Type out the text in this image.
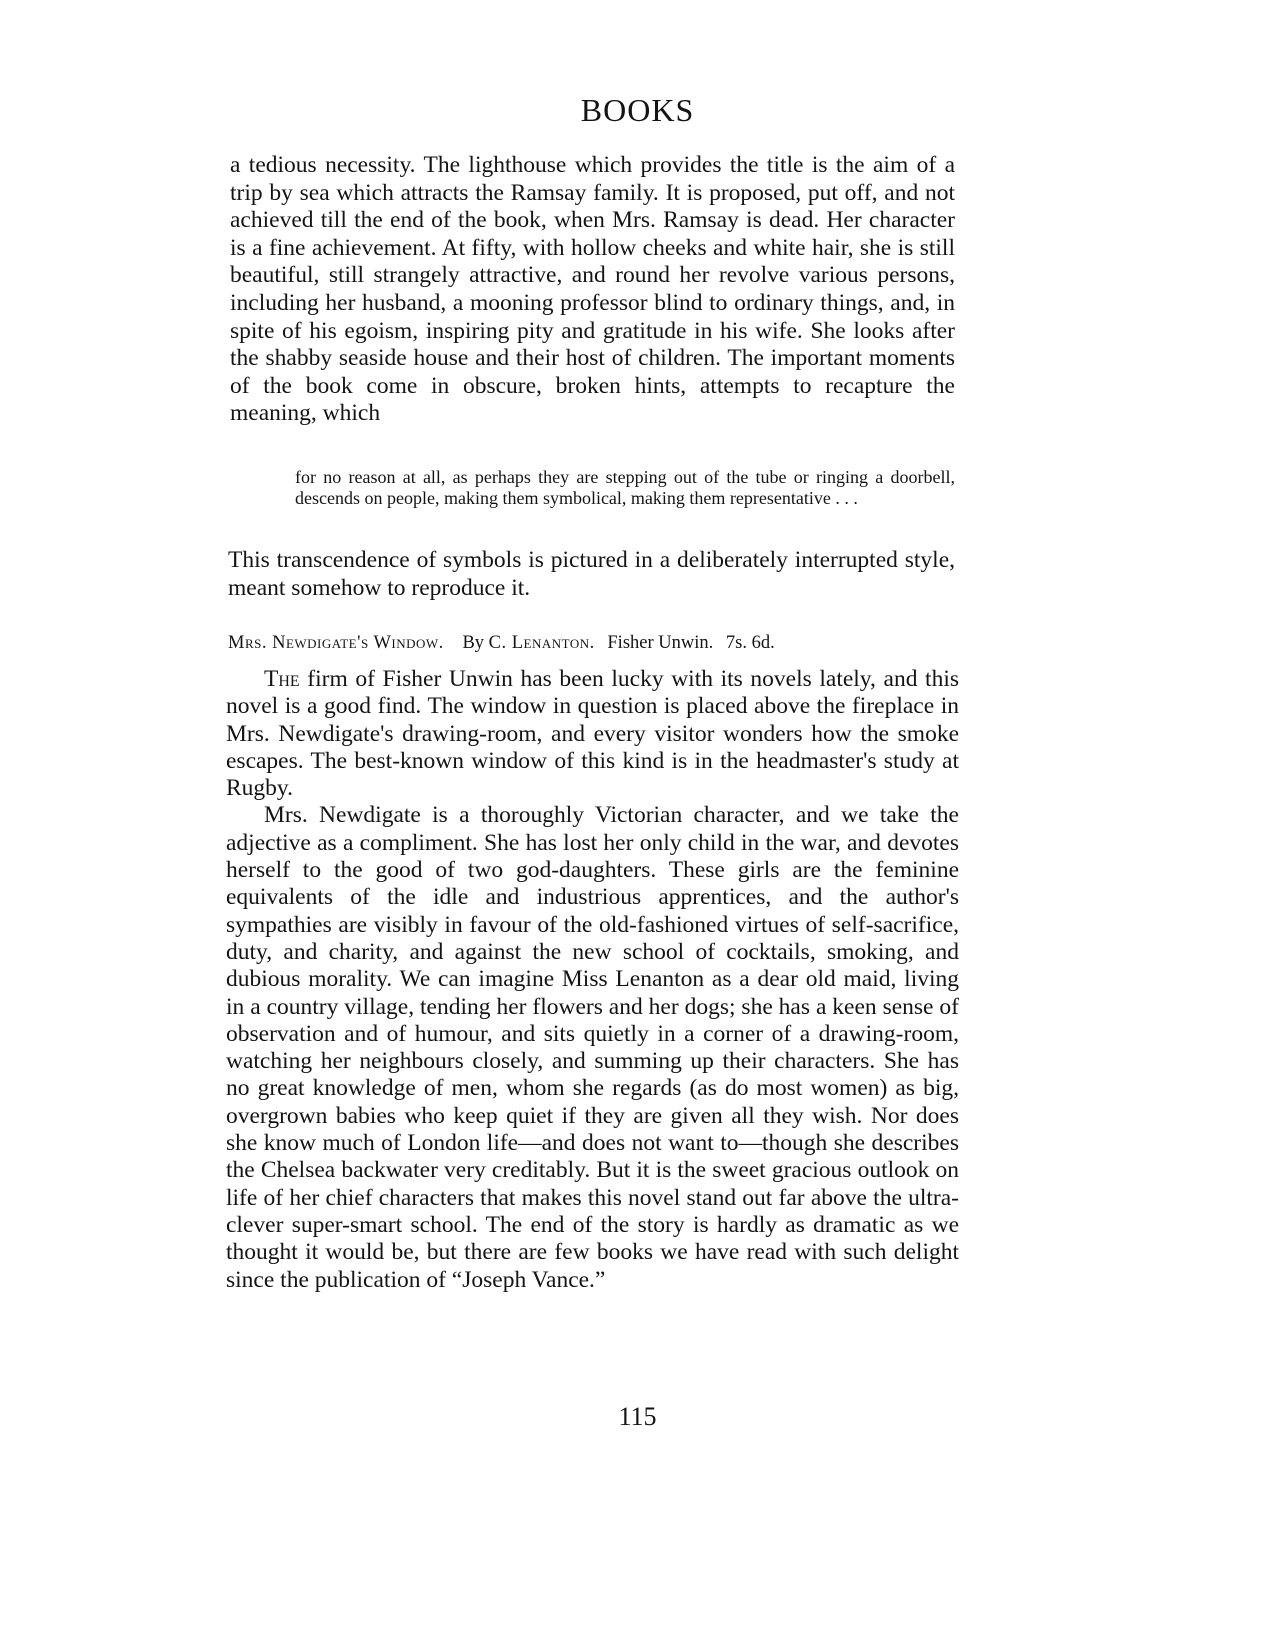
BOOKS

a tedious necessity. The lighthouse which provides the title is the aim of a trip by sea which attracts the Ramsay family. It is proposed, put off, and not achieved till the end of the book, when Mrs. Ramsay is dead. Her character is a fine achievement. At fifty, with hollow cheeks and white hair, she is still beautiful, still strangely attractive, and round her revolve various persons, including her husband, a mooning professor blind to ordinary things, and, in spite of his egoism, inspiring pity and gratitude in his wife. She looks after the shabby seaside house and their host of children. The important moments of the book come in obscure, broken hints, attempts to recapture the meaning, which

for no reason at all, as perhaps they are stepping out of the tube or ringing a doorbell, descends on people, making them symbolical, making them representative . . .
This transcendence of symbols is pictured in a deliberately interrupted style, meant somehow to reproduce it.
Mrs. Newdigate's Window. By C. Lenanton. Fisher Unwin. 7s. 6d.

The firm of Fisher Unwin has been lucky with its novels lately, and this novel is a good find. The window in question is placed above the fireplace in Mrs. Newdigate's drawing-room, and every visitor wonders how the smoke escapes. The best-known window of this kind is in the headmaster's study at Rugby.

Mrs. Newdigate is a thoroughly Victorian character, and we take the adjective as a compliment. She has lost her only child in the war, and devotes herself to the good of two god-daughters. These girls are the feminine equivalents of the idle and industrious apprentices, and the author's sympathies are visibly in favour of the old-fashioned virtues of self-sacrifice, duty, and charity, and against the new school of cocktails, smoking, and dubious morality. We can imagine Miss Lenanton as a dear old maid, living in a country village, tending her flowers and her dogs; she has a keen sense of observation and of humour, and sits quietly in a corner of a drawing-room, watching her neighbours closely, and summing up their characters. She has no great knowledge of men, whom she regards (as do most women) as big, overgrown babies who keep quiet if they are given all they wish. Nor does she know much of London life—and does not want to—though she describes the Chelsea backwater very creditably. But it is the sweet gracious outlook on life of her chief characters that makes this novel stand out far above the ultra-clever super-smart school. The end of the story is hardly as dramatic as we thought it would be, but there are few books we have read with such delight since the publication of “Joseph Vance.”

115
